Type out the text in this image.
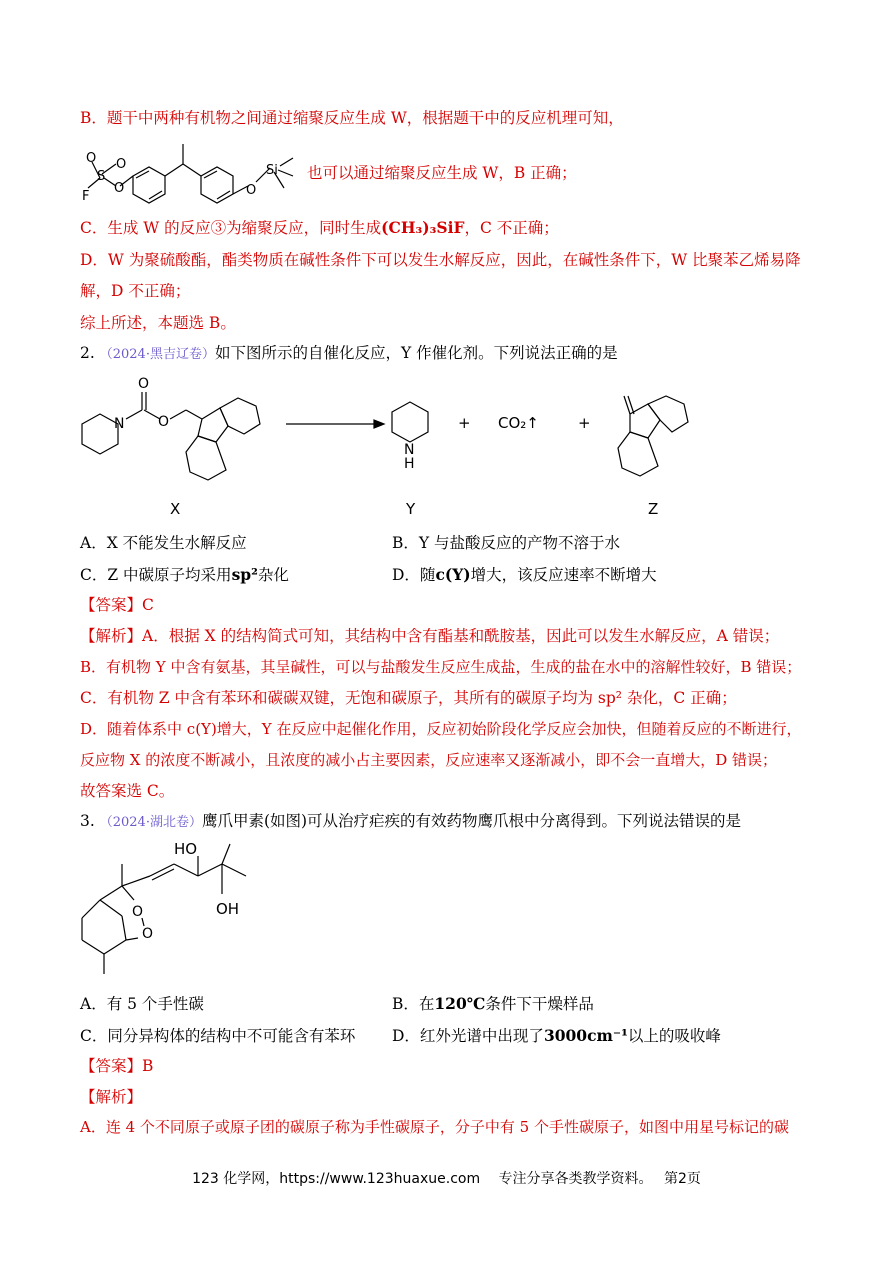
B．题干中两种有机物之间通过缩聚反应生成 W，根据题干中的反应机理可知，
F
S
O O
O	O
Si 也可以通过缩聚反应生成 W，B 正确；
C．生成 W 的反应③为缩聚反应，同时生成(CH₃)₃SiF，C 不正确；
D．W 为聚硫酸酯，酯类物质在碱性条件下可以发生水解反应，因此，在碱性条件下，W 比聚苯乙烯易降
解，D 不正确；
综上所述，本题选 B。
2. （2024·黑吉辽卷）如下图所示的自催化反应，Y 作催化剂。下列说法正确的是
N
O
O
N
H
+ CO₂↑	+
X	Y	Z
A．X 不能发生水解反应	B．Y 与盐酸反应的产物不溶于水
C．Z 中碳原子均采用sp²杂化	D．随c(Y)增大，该反应速率不断增大
【答案】C
【解析】A．根据 X 的结构简式可知，其结构中含有酯基和酰胺基，因此可以发生水解反应，A 错误；
B．有机物 Y 中含有氨基，其呈碱性，可以与盐酸发生反应生成盐，生成的盐在水中的溶解性较好，B 错误；
C．有机物 Z 中含有苯环和碳碳双键，无饱和碳原子，其所有的碳原子均为 sp² 杂化，C 正确；
D．随着体系中 c(Y)增大，Y 在反应中起催化作用，反应初始阶段化学反应会加快，但随着反应的不断进行，
反应物 X 的浓度不断减小，且浓度的减小占主要因素，反应速率又逐渐减小，即不会一直增大，D 错误；
故答案选 C。
3. （2024·湖北卷）鹰爪甲素(如图)可从治疗疟疾的有效药物鹰爪根中分离得到。下列说法错误的是
O
O
HO
OH
A．有 5 个手性碳	B．在120℃条件下干燥样品
C．同分异构体的结构中不可能含有苯环 D．红外光谱中出现了3000cm⁻¹以上的吸收峰
【答案】B
【解析】
A．连 4 个不同原子或原子团的碳原子称为手性碳原子，分子中有 5 个手性碳原子，如图中用星号标记的碳
123 化学网，https://www.123huaxue.com　 专注分享各类教学资料。　 第2页
